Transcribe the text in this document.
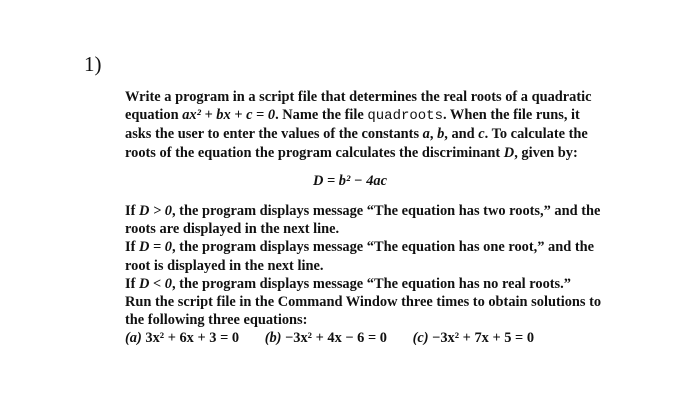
1)

Write a program in a script file that determines the real roots of a quadratic equation ax² + bx + c = 0. Name the file quadroots. When the file runs, it asks the user to enter the values of the constants a, b, and c. To calculate the roots of the equation the program calculates the discriminant D, given by:

D = b² − 4ac

If D > 0, the program displays message “The equation has two roots,” and the roots are displayed in the next line.

If D = 0, the program displays message “The equation has one root,” and the root is displayed in the next line.

If D < 0, the program displays message “The equation has no real roots.”

Run the script file in the Command Window three times to obtain solutions to the following three equations:

(a) 3x² + 6x + 3 = 0 (b) −3x² + 4x − 6 = 0 (c) −3x² + 7x + 5 = 0
